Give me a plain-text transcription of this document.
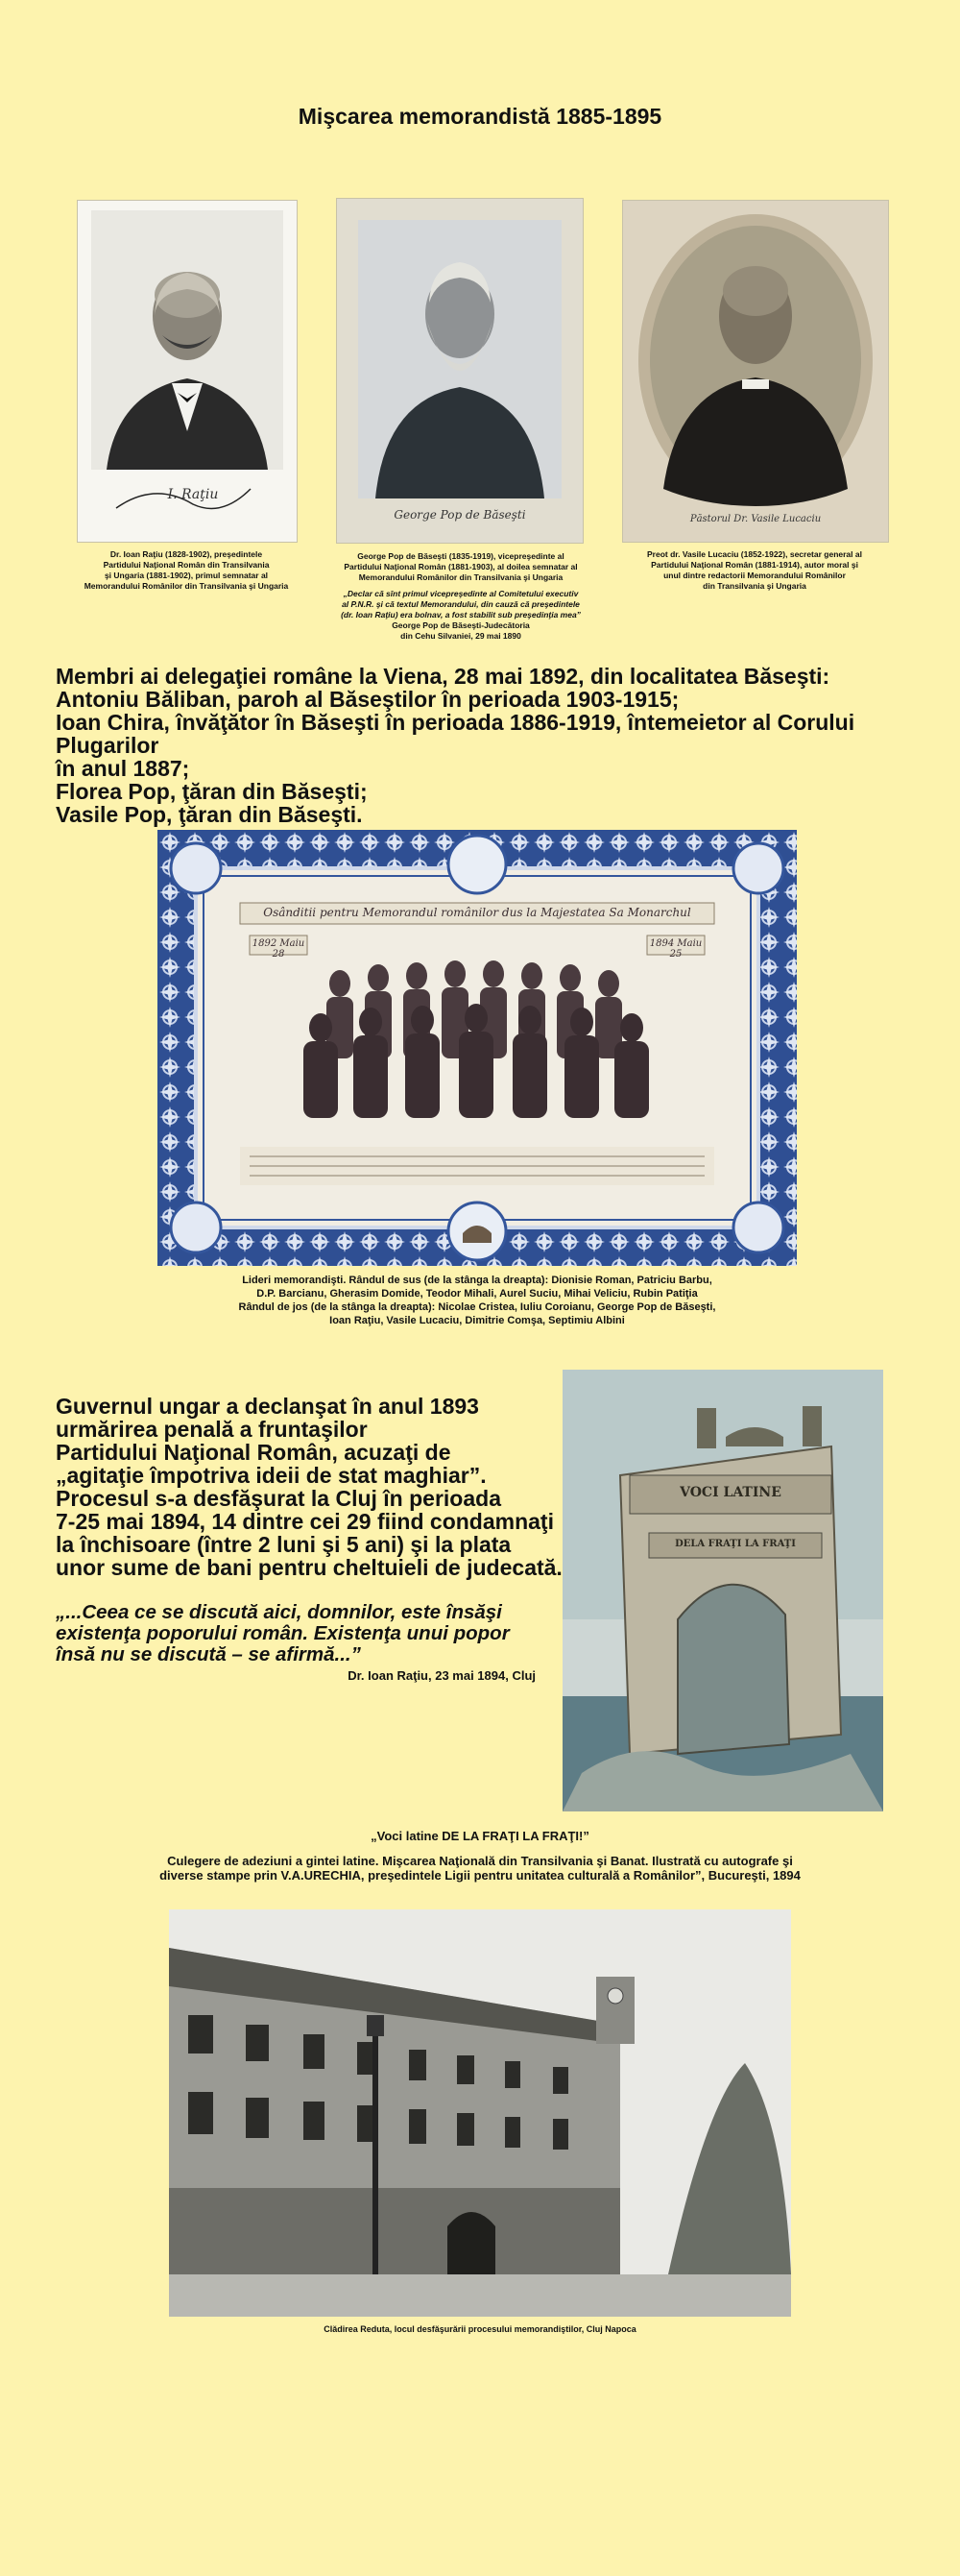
Mişcarea memorandistă 1885-1895
I. Raţiu
Dr. Ioan Raţiu (1828-1902), preşedintele
Partidului Naţional Român din Transilvania
şi Ungaria (1881-1902), primul semnatar al
Memorandului Românilor din Transilvania şi Ungaria
George Pop de Băseşti
George Pop de Băseşti (1835-1919), vicepreşedinte al
Partidului Naţional Român (1881-1903), al doilea semnatar al
Memorandului Românilor din Transilvania şi Ungaria
„Declar că sînt primul vicepreşedinte al Comitetului executiv
al P.N.R. şi că textul Memorandului, din cauză că preşedintele
(dr. Ioan Raţiu) era bolnav, a fost stabilit sub preşedinţia mea”
George Pop de Băseşti-Judecătoria
din Cehu Silvaniei, 29 mai 1890
Păstorul Dr. Vasile Lucaciu
Preot dr. Vasile Lucaciu (1852-1922), secretar general al
Partidului Naţional Român (1881-1914), autor moral şi
unul dintre redactorii Memorandului Românilor
din Transilvania şi Ungaria
Membri ai delegaţiei române la Viena, 28 mai 1892, din localitatea Băseşti:
Antoniu Băliban, paroh al Băseştilor în perioada 1903-1915;
Ioan Chira, învăţător în Băseşti în perioada 1886-1919, întemeietor al Corului Plugarilor
în anul 1887;
Florea Pop, ţăran din Băseşti;
Vasile Pop, ţăran din Băseşti.
Osânditii pentru Memorandul românilor dus la Majestatea Sa Monarchul
1892 Maiu 28
1894 Maiu 25
Lideri memorandişti. Rândul de sus (de la stânga la dreapta): Dionisie Roman, Patriciu Barbu,
D.P. Barcianu, Gherasim Domide, Teodor Mihali, Aurel Suciu, Mihai Veliciu, Rubin Patiţia
Rândul de jos (de la stânga la dreapta): Nicolae Cristea, Iuliu Coroianu, George Pop de Băseşti,
Ioan Raţiu, Vasile Lucaciu, Dimitrie Comşa, Septimiu Albini
Guvernul ungar a declanşat în anul 1893
urmărirea penală a fruntaşilor
Partidului Naţional Român, acuzaţi de
„agitaţie împotriva ideii de stat maghiar”.
Procesul s-a desfăşurat la Cluj în perioada
7-25 mai 1894, 14 dintre cei 29 fiind condamnaţi
la închisoare (între 2 luni şi 5 ani) şi la plata
unor sume de bani pentru cheltuieli de judecată.
„...Ceea ce se discută aici, domnilor, este însăşi
existenţa poporului român. Existenţa unui popor
însă nu se discută – se afirmă...”
Dr. Ioan Raţiu, 23 mai 1894, Cluj
VOCI LATINE
DELA FRAŢI LA FRAŢI
„Voci latine DE LA FRAŢI LA FRAŢI!”
Culegere de adeziuni a gintei latine. Mişcarea Naţională din Transilvania şi Banat. Ilustrată cu autografe şi
diverse stampe prin V.A.URECHIA, preşedintele Ligii pentru unitatea culturală a Românilor”, Bucureşti, 1894
Clădirea Reduta, locul desfăşurării procesului memorandiştilor, Cluj Napoca
